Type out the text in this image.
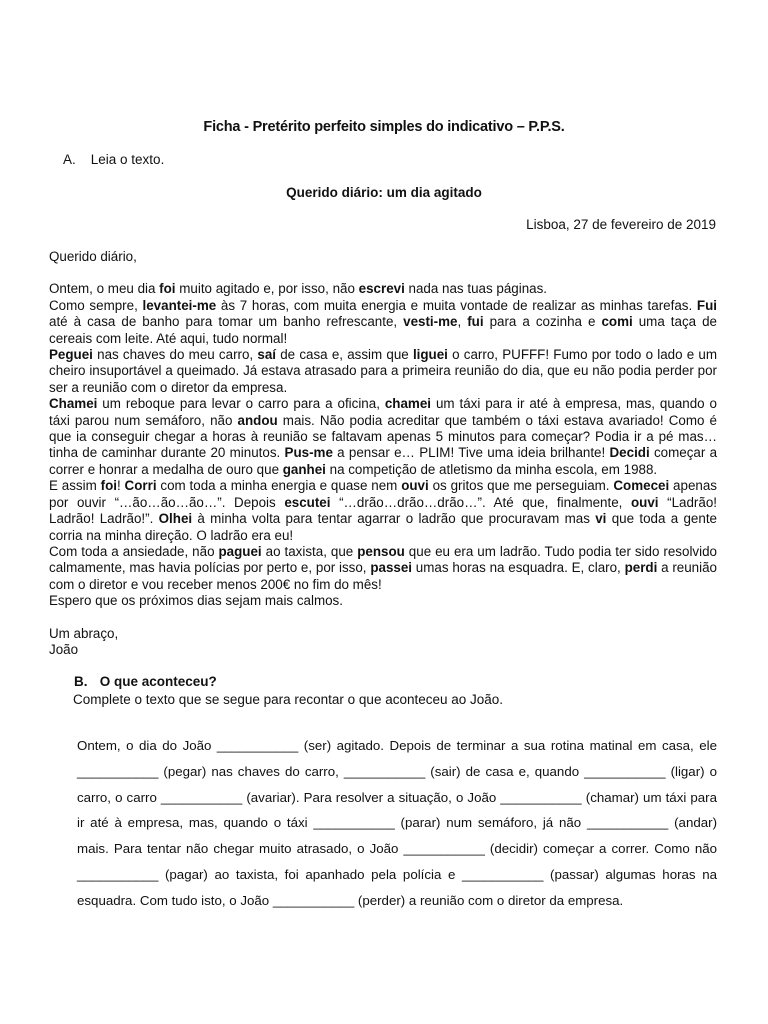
Ficha - Pretérito perfeito simples do indicativo – P.P.S.
A. Leia o texto.
Querido diário: um dia agitado
Lisboa, 27 de fevereiro de 2019

Querido diário,

Ontem, o meu dia foi muito agitado e, por isso, não escrevi nada nas tuas páginas.

Como sempre, levantei-me às 7 horas, com muita energia e muita vontade de realizar as minhas tarefas. Fui até à casa de banho para tomar um banho refrescante, vesti-me, fui para a cozinha e comi uma taça de cereais com leite. Até aqui, tudo normal!

Peguei nas chaves do meu carro, saí de casa e, assim que liguei o carro, PUFFF! Fumo por todo o lado e um cheiro insuportável a queimado. Já estava atrasado para a primeira reunião do dia, que eu não podia perder por ser a reunião com o diretor da empresa.

Chamei um reboque para levar o carro para a oficina, chamei um táxi para ir até à empresa, mas, quando o táxi parou num semáforo, não andou mais. Não podia acreditar que também o táxi estava avariado! Como é que ia conseguir chegar a horas à reunião se faltavam apenas 5 minutos para começar? Podia ir a pé mas… tinha de caminhar durante 20 minutos. Pus-me a pensar e… PLIM! Tive uma ideia brilhante! Decidi começar a correr e honrar a medalha de ouro que ganhei na competição de atletismo da minha escola, em 1988.

E assim foi! Corri com toda a minha energia e quase nem ouvi os gritos que me perseguiam. Comecei apenas por ouvir “…ão…ão…ão…”. Depois escutei “…drão…drão…drão…”. Até que, finalmente, ouvi “Ladrão! Ladrão! Ladrão!”. Olhei à minha volta para tentar agarrar o ladrão que procuravam mas vi que toda a gente corria na minha direção. O ladrão era eu!

Com toda a ansiedade, não paguei ao taxista, que pensou que eu era um ladrão. Tudo podia ter sido resolvido calmamente, mas havia polícias por perto e, por isso, passei umas horas na esquadra. E, claro, perdi a reunião com o diretor e vou receber menos 200€ no fim do mês!

Espero que os próximos dias sejam mais calmos.

Um abraço,

João

B. O que aconteceu?
Complete o texto que se segue para recontar o que aconteceu ao João.
Ontem, o dia do João ___________ (ser) agitado. Depois de terminar a sua rotina matinal em casa, ele ___________ (pegar) nas chaves do carro, ___________ (sair) de casa e, quando ___________ (ligar) o carro, o carro ___________ (avariar). Para resolver a situação, o João ___________ (chamar) um táxi para ir até à empresa, mas, quando o táxi ___________ (parar) num semáforo, já não ___________ (andar) mais. Para tentar não chegar muito atrasado, o João ___________ (decidir) começar a correr. Como não ___________ (pagar) ao taxista, foi apanhado pela polícia e ___________ (passar) algumas horas na esquadra. Com tudo isto, o João ___________ (perder) a reunião com o diretor da empresa.
